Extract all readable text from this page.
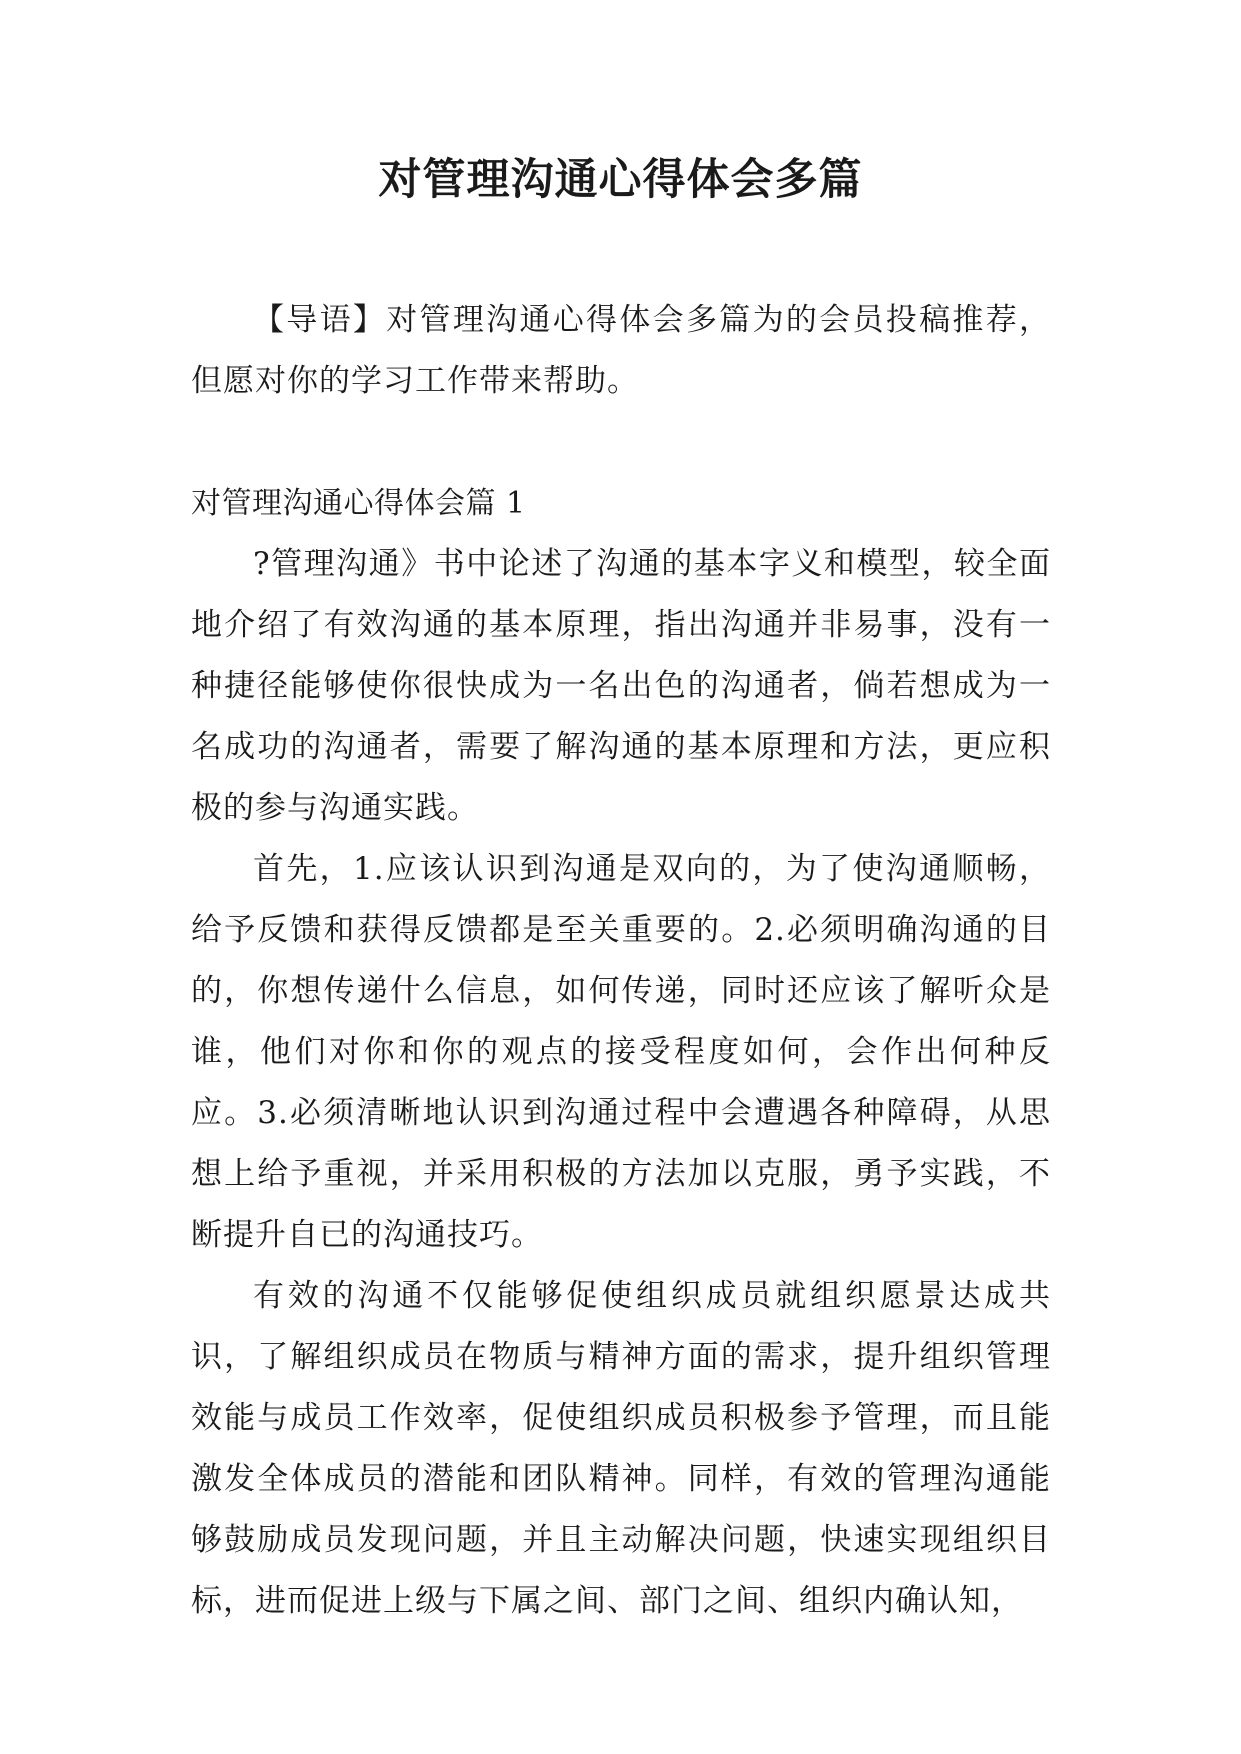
对管理沟通心得体会多篇

【导语】对管理沟通心得体会多篇为的会员投稿推荐，但愿对你的学习工作带来帮助。

对管理沟通心得体会篇 1

?管理沟通》书中论述了沟通的基本字义和模型，较全面地介绍了有效沟通的基本原理，指出沟通并非易事，没有一种捷径能够使你很快成为一名出色的沟通者，倘若想成为一名成功的沟通者，需要了解沟通的基本原理和方法，更应积极的参与沟通实践。

首先，1.应该认识到沟通是双向的，为了使沟通顺畅，给予反馈和获得反馈都是至关重要的。2.必须明确沟通的目的，你想传递什么信息，如何传递，同时还应该了解听众是谁，他们对你和你的观点的接受程度如何，会作出何种反应。3.必须清晰地认识到沟通过程中会遭遇各种障碍，从思想上给予重视，并采用积极的方法加以克服，勇予实践，不断提升自已的沟通技巧。

有效的沟通不仅能够促使组织成员就组织愿景达成共识，了解组织成员在物质与精神方面的需求，提升组织管理效能与成员工作效率，促使组织成员积极参予管理，而且能激发全体成员的潜能和团队精神。同样，有效的管理沟通能够鼓励成员发现问题，并且主动解决问题，快速实现组织目标，进而促进上级与下属之间、部门之间、组织内确认知，
